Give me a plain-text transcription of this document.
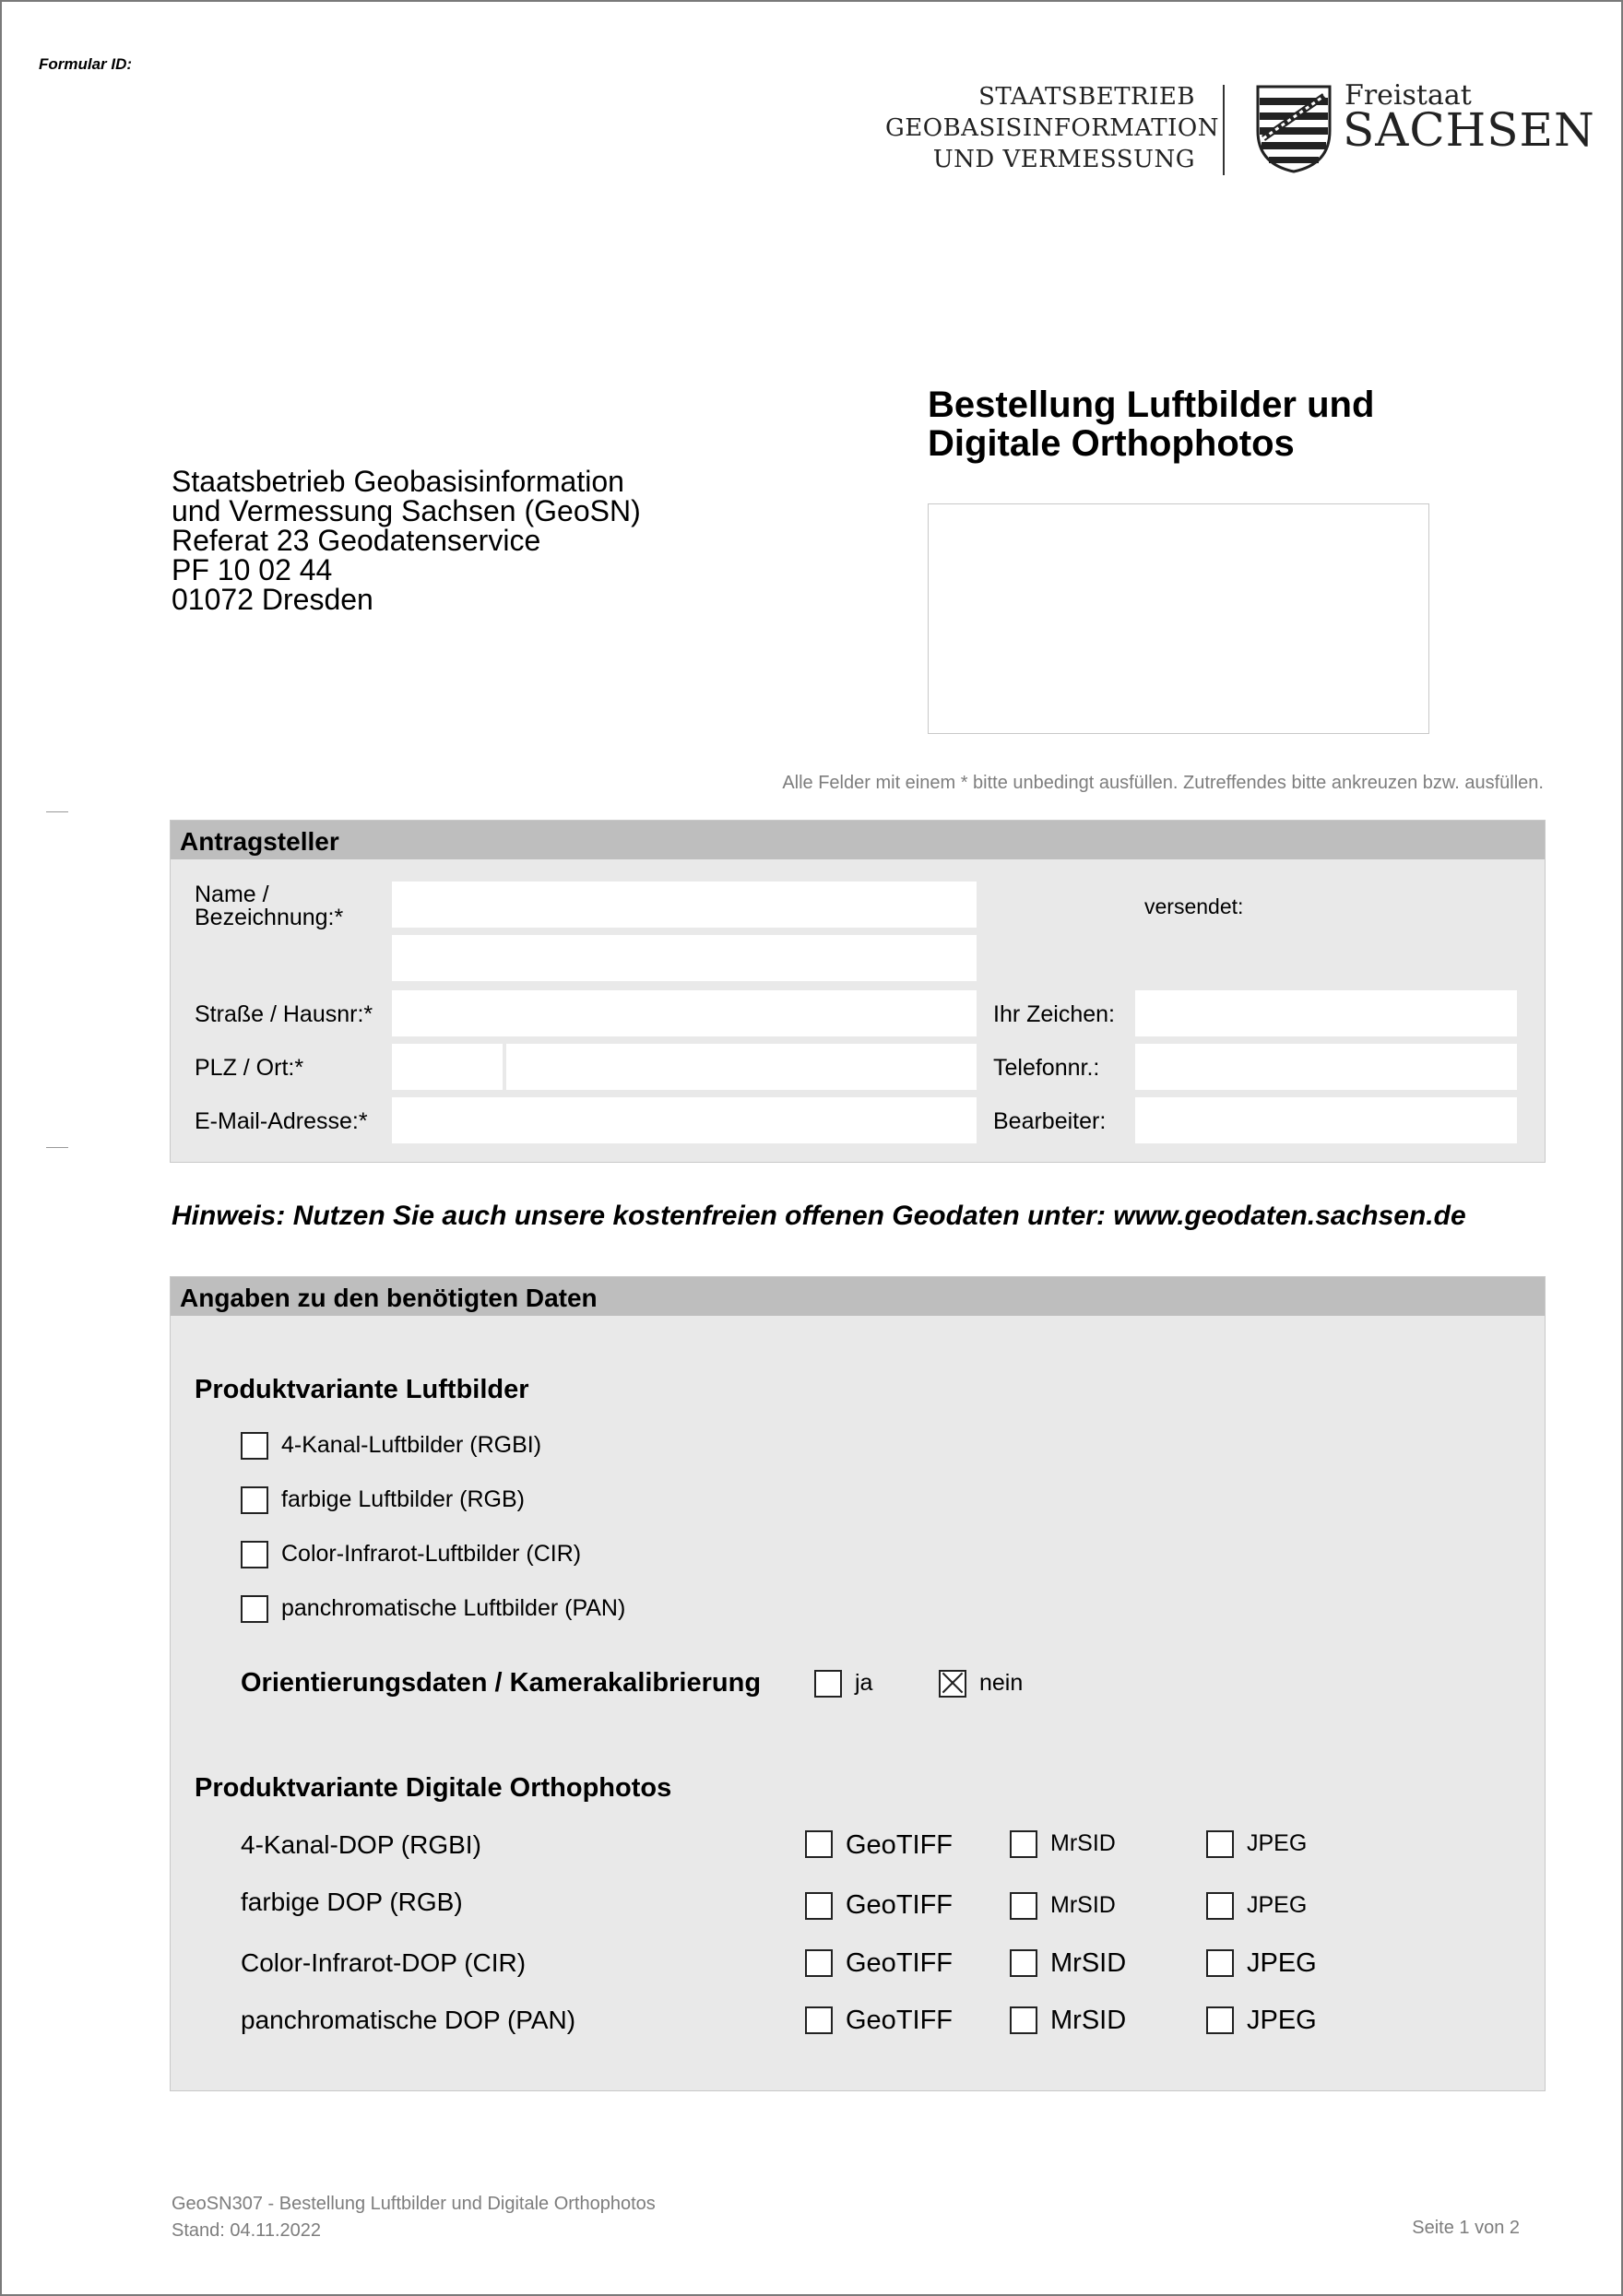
Formular ID:
STAATSBETRIEB
GEOBASISINFORMATION
UND VERMESSUNG
Freistaat
SACHSEN
Bestellung Luftbilder und
Digitale Orthophotos
Staatsbetrieb Geobasisinformation
und Vermessung Sachsen (GeoSN)
Referat 23 Geodatenservice
PF 10 02 44
01072 Dresden
Alle Felder mit einem * bitte unbedingt ausfüllen. Zutreffendes bitte ankreuzen bzw. ausfüllen.
Antragsteller
Name /
Bezeichnung:*
Straße / Hausnr:*
PLZ / Ort:*
E-Mail-Adresse:*
versendet:
Ihr Zeichen:
Telefonnr.:
Bearbeiter:
Hinweis: Nutzen Sie auch unsere kostenfreien offenen Geodaten unter: www.geodaten.sachsen.de
Angaben zu den benötigten Daten
Produktvariante Luftbilder
4-Kanal-Luftbilder (RGBI)
farbige Luftbilder (RGB)
Color-Infrarot-Luftbilder (CIR)
panchromatische Luftbilder (PAN)
Orientierungsdaten / Kamerakalibrierung	ja	nein
Produktvariante Digitale Orthophotos
4-Kanal-DOP (RGBI)	GeoTIFF	MrSID	JPEG
farbige DOP (RGB)	GeoTIFF	MrSID	JPEG
Color-Infrarot-DOP (CIR)	GeoTIFF	MrSID	JPEG
panchromatische DOP (PAN)	GeoTIFF	MrSID	JPEG
GeoSN307 - Bestellung Luftbilder und Digitale Orthophotos
Stand: 04.11.2022	Seite 1 von 2
